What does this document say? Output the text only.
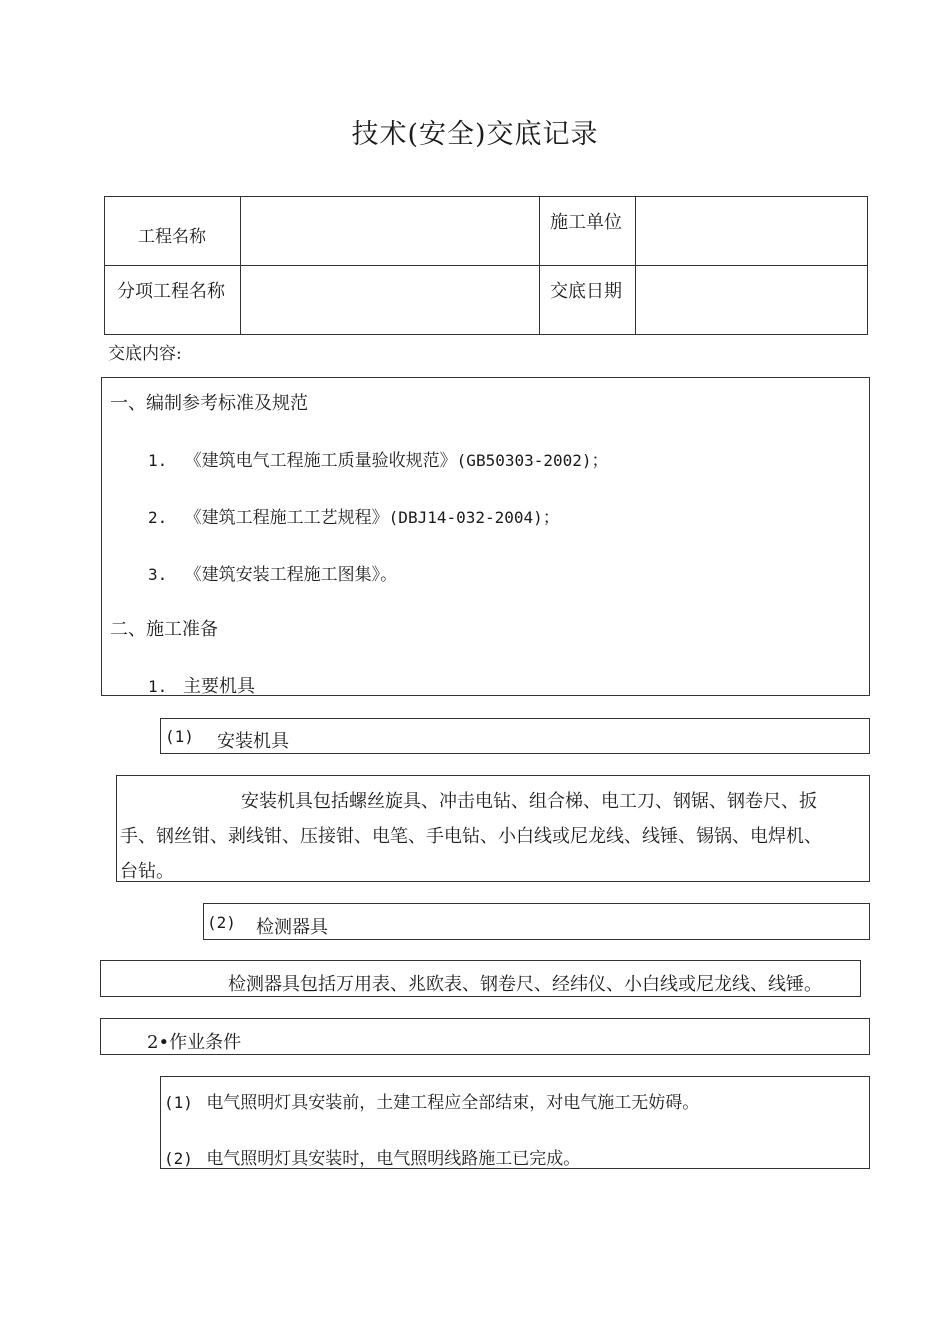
技术(安全)交底记录
工程名称
施工单位
分项工程名称	交底日期
交底内容:
一、编制参考标准及规范
1. 《建筑电气工程施工质量验收规范》(GB50303-2002)；
2. 《建筑工程施工工艺规程》(DBJ14-032-2004)；
3. 《建筑安装工程施工图集》。
二、施工准备
1. 主要机具
(1) 安装机具
安装机具包括螺丝旋具、冲击电钻、组合梯、电工刀、钢锯、钢卷尺、扳
手、钢丝钳、剥线钳、压接钳、电笔、手电钻、小白线或尼龙线、线锤、锡锅、电焊机、
台钻。
(2) 检测器具
检测器具包括万用表、兆欧表、钢卷尺、经纬仪、小白线或尼龙线、线锤。
2•作业条件
(1) 电气照明灯具安装前，土建工程应全部结束，对电气施工无妨碍。
(2) 电气照明灯具安装时，电气照明线路施工已完成。
